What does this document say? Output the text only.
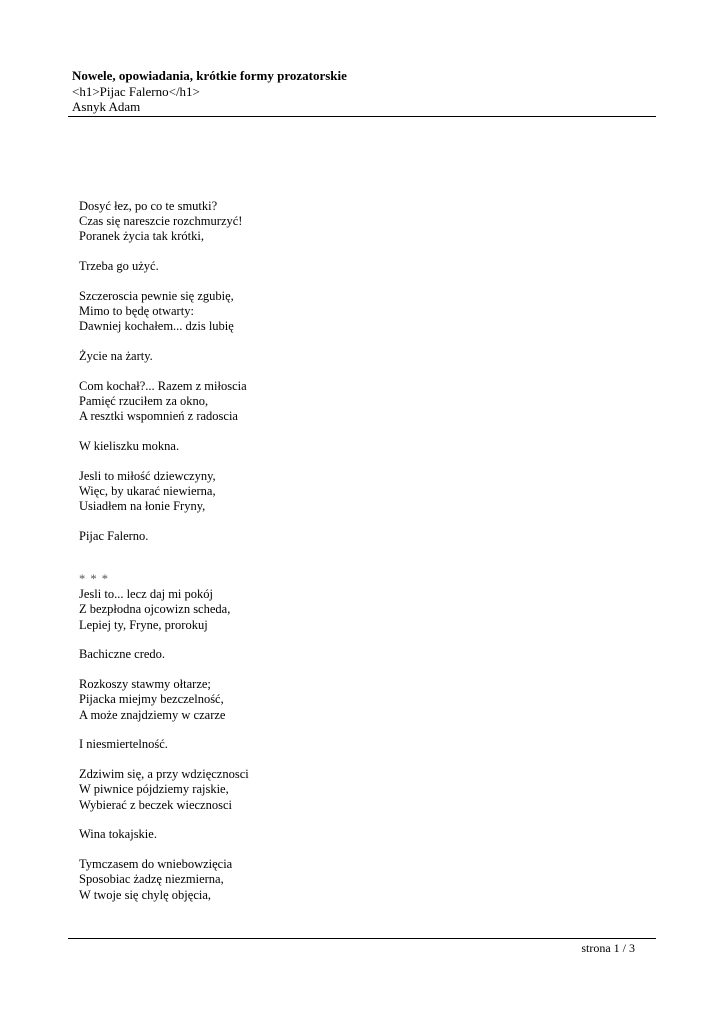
Nowele, opowiadania, krótkie formy prozatorskie

<h1>Pijac Falerno</h1>

Asnyk Adam

Dosyć łez, po co te smutki?
Czas się nareszcie rozchmurzyć!
Poranek życia tak krótki,
Trzeba go użyć.
Szczeroscia pewnie się zgubię,
Mimo to będę otwarty:
Dawniej kochałem... dzis lubię
Życie na żarty.
Com kochał?... Razem z miłoscia
Pamięć rzuciłem za okno,
A resztki wspomnień z radoscia
W kieliszku mokna.
Jesli to miłość dziewczyny,
Więc, by ukarać niewierna,
Usiadłem na łonie Fryny,
Pijac Falerno.
* * *
Jesli to... lecz daj mi pokój
Z bezpłodna ojcowizn scheda,
Lepiej ty, Fryne, prorokuj
Bachiczne credo.
Rozkoszy stawmy ołtarze;
Pijacka miejmy bezczelność,
A może znajdziemy w czarze
I niesmiertelność.
Zdziwim się, a przy wdzięcznosci
W piwnice pójdziemy rajskie,
Wybierać z beczek wiecznosci
Wina tokajskie.
Tymczasem do wniebowzięcia
Sposobiac żadzę niezmierna,
W twoje się chylę objęcia,
strona 1 / 3
